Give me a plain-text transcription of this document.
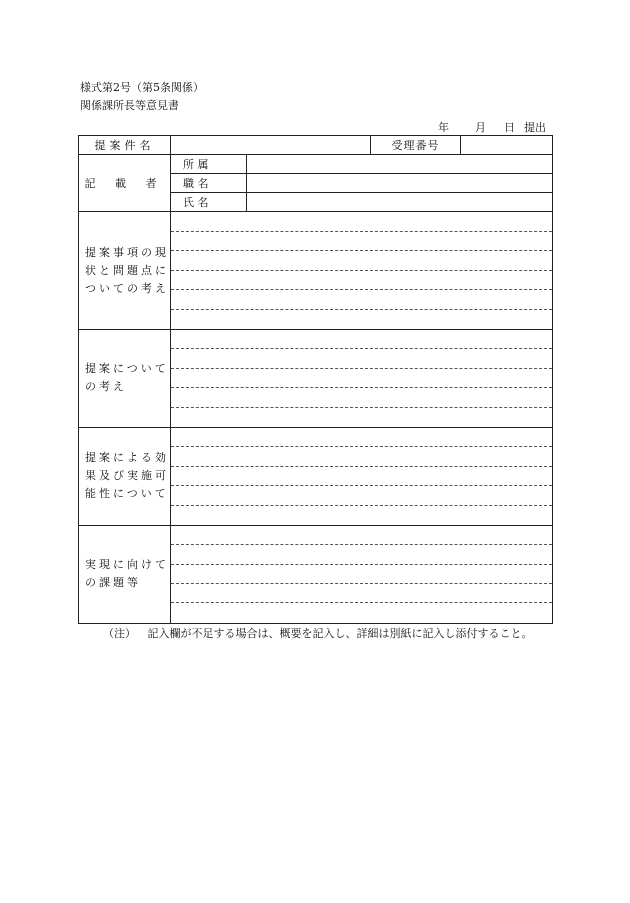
様式第2号（第5条関係）
関係課所長等意見書
年 月 日 提出
提案件名			受理番号	
記 載 者	所 属			

職 名			

氏 名			

提案事項の現状と問題点についての考え				

提案についての考え				

提案による効果及び実施可能性について				

実現に向けての課題等				
（注） 記入欄が不足する場合は、概要を記入し、詳細は別紙に記入し添付すること。
